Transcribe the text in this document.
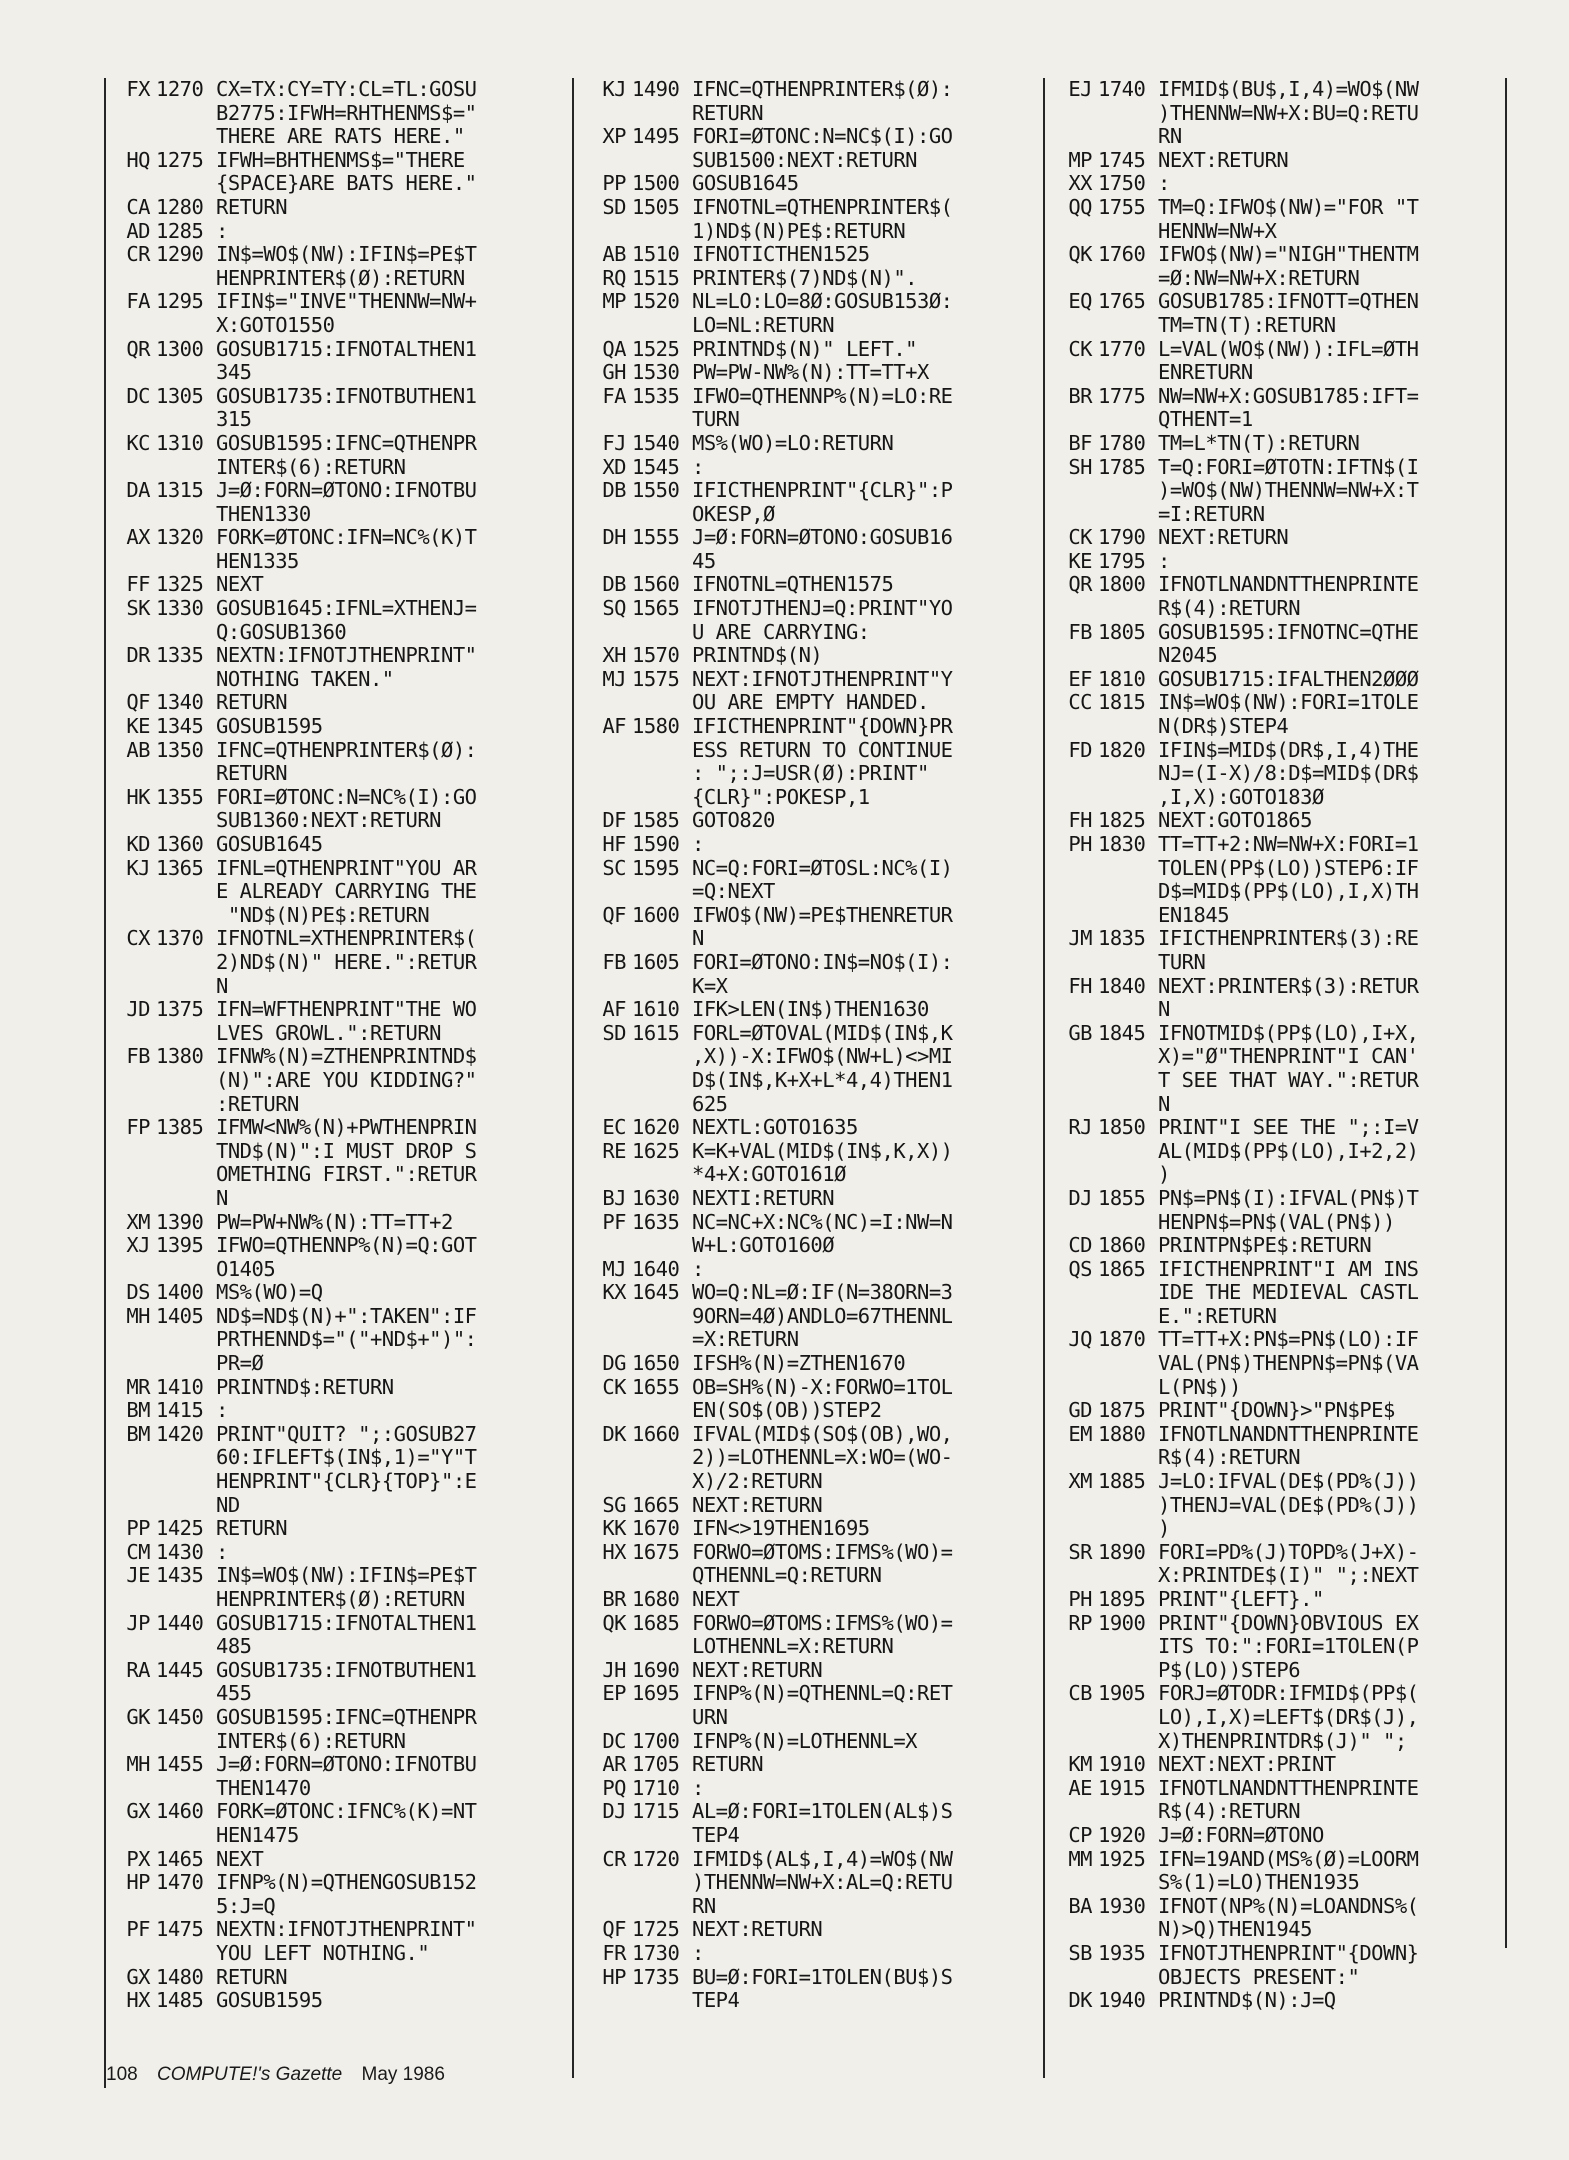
FX 1270 CX=TX:CY=TY:CL=TL:GOSU
B2775:IFWH=RHTHENMS$="
THERE ARE RATS HERE."
HQ 1275 IFWH=BHTHENMS$="THERE
{SPACE}ARE BATS HERE."
CA 1280 RETURN
AD 1285 :
CR 1290 IN$=WO$(NW):IFIN$=PE$T
HENPRINTER$(Ø):RETURN
FA 1295 IFIN$="INVE"THENNW=NW+
X:GOTO1550
QR 1300 GOSUB1715:IFNOTALTHEN1
345
DC 1305 GOSUB1735:IFNOTBUTHEN1
315
KC 1310 GOSUB1595:IFNC=QTHENPR
INTER$(6):RETURN
DA 1315 J=Ø:FORN=ØTONO:IFNOTBU
THEN1330
AX 1320 FORK=ØTONC:IFN=NC%(K)T
HEN1335
FF 1325 NEXT
SK 1330 GOSUB1645:IFNL=XTHENJ=
Q:GOSUB1360
DR 1335 NEXTN:IFNOTJTHENPRINT"
NOTHING TAKEN."
QF 1340 RETURN
KE 1345 GOSUB1595
AB 1350 IFNC=QTHENPRINTER$(Ø):
RETURN
HK 1355 FORI=ØTONC:N=NC%(I):GO
SUB1360:NEXT:RETURN
KD 1360 GOSUB1645
KJ 1365 IFNL=QTHENPRINT"YOU AR
E ALREADY CARRYING THE
"ND$(N)PE$:RETURN
CX 1370 IFNOTNL=XTHENPRINTER$(
2)ND$(N)" HERE.":RETUR
N
JD 1375 IFN=WFTHENPRINT"THE WO
LVES GROWL.":RETURN
FB 1380 IFNW%(N)=ZTHENPRINTND$
(N)":ARE YOU KIDDING?"
:RETURN
FP 1385 IFMW<NW%(N)+PWTHENPRIN
TND$(N)":I MUST DROP S
OMETHING FIRST.":RETUR
N
XM 1390 PW=PW+NW%(N):TT=TT+2
XJ 1395 IFWO=QTHENNP%(N)=Q:GOT
O1405
DS 1400 MS%(WO)=Q
MH 1405 ND$=ND$(N)+":TAKEN":IF
PRTHENND$="("+ND$+")":
PR=Ø
MR 1410 PRINTND$:RETURN
BM 1415 :
BM 1420 PRINT"QUIT? ";:GOSUB27
60:IFLEFT$(IN$,1)="Y"T
HENPRINT"{CLR}{TOP}":E
ND
PP 1425 RETURN
CM 1430 :
JE 1435 IN$=WO$(NW):IFIN$=PE$T
HENPRINTER$(Ø):RETURN
JP 1440 GOSUB1715:IFNOTALTHEN1
485
RA 1445 GOSUB1735:IFNOTBUTHEN1
455
GK 1450 GOSUB1595:IFNC=QTHENPR
INTER$(6):RETURN
MH 1455 J=Ø:FORN=ØTONO:IFNOTBU
THEN1470
GX 1460 FORK=ØTONC:IFNC%(K)=NT
HEN1475
PX 1465 NEXT
HP 1470 IFNP%(N)=QTHENGOSUB152
5:J=Q
PF 1475 NEXTN:IFNOTJTHENPRINT"
YOU LEFT NOTHING."
GX 1480 RETURN
HX 1485 GOSUB1595
KJ 1490 IFNC=QTHENPRINTER$(Ø):
RETURN
XP 1495 FORI=ØTONC:N=NC$(I):GO
SUB1500:NEXT:RETURN
PP 1500 GOSUB1645
SD 1505 IFNOTNL=QTHENPRINTER$(
1)ND$(N)PE$:RETURN
AB 1510 IFNOTICTHEN1525
RQ 1515 PRINTER$(7)ND$(N)".
MP 1520 NL=LO:LO=8Ø:GOSUB153Ø:
LO=NL:RETURN
QA 1525 PRINTND$(N)" LEFT."
GH 1530 PW=PW-NW%(N):TT=TT+X
FA 1535 IFWO=QTHENNP%(N)=LO:RE
TURN
FJ 1540 MS%(WO)=LO:RETURN
XD 1545 :
DB 1550 IFICTHENPRINT"{CLR}":P
OKESP,Ø
DH 1555 J=Ø:FORN=ØTONO:GOSUB16
45
DB 1560 IFNOTNL=QTHEN1575
SQ 1565 IFNOTJTHENJ=Q:PRINT"YO
U ARE CARRYING:
XH 1570 PRINTND$(N)
MJ 1575 NEXT:IFNOTJTHENPRINT"Y
OU ARE EMPTY HANDED.
AF 1580 IFICTHENPRINT"{DOWN}PR
ESS RETURN TO CONTINUE
: ";:J=USR(Ø):PRINT"
{CLR}":POKESP,1
DF 1585 GOTO820
HF 1590 :
SC 1595 NC=Q:FORI=ØTOSL:NC%(I)
=Q:NEXT
QF 1600 IFWO$(NW)=PE$THENRETUR
N
FB 1605 FORI=ØTONO:IN$=NO$(I):
K=X
AF 1610 IFK>LEN(IN$)THEN1630
SD 1615 FORL=ØTOVAL(MID$(IN$,K
,X))-X:IFWO$(NW+L)<>MI
D$(IN$,K+X+L*4,4)THEN1
625
EC 1620 NEXTL:GOTO1635
RE 1625 K=K+VAL(MID$(IN$,K,X))
*4+X:GOTO161Ø
BJ 1630 NEXTI:RETURN
PF 1635 NC=NC+X:NC%(NC)=I:NW=N
W+L:GOTO160Ø
MJ 1640 :
KX 1645 WO=Q:NL=Ø:IF(N=38ORN=3
9ORN=4Ø)ANDLO=67THENNL
=X:RETURN
DG 1650 IFSH%(N)=ZTHEN1670
CK 1655 OB=SH%(N)-X:FORWO=1TOL
EN(SO$(OB))STEP2
DK 1660 IFVAL(MID$(SO$(OB),WO,
2))=LOTHENNL=X:WO=(WO-
X)/2:RETURN
SG 1665 NEXT:RETURN
KK 1670 IFN<>19THEN1695
HX 1675 FORWO=ØTOMS:IFMS%(WO)=
QTHENNL=Q:RETURN
BR 1680 NEXT
QK 1685 FORWO=ØTOMS:IFMS%(WO)=
LOTHENNL=X:RETURN
JH 1690 NEXT:RETURN
EP 1695 IFNP%(N)=QTHENNL=Q:RET
URN
DC 1700 IFNP%(N)=LOTHENNL=X
AR 1705 RETURN
PQ 1710 :
DJ 1715 AL=Ø:FORI=1TOLEN(AL$)S
TEP4
CR 1720 IFMID$(AL$,I,4)=WO$(NW
)THENNW=NW+X:AL=Q:RETU
RN
QF 1725 NEXT:RETURN
FR 1730 :
HP 1735 BU=Ø:FORI=1TOLEN(BU$)S
TEP4
EJ 1740 IFMID$(BU$,I,4)=WO$(NW
)THENNW=NW+X:BU=Q:RETU
RN
MP 1745 NEXT:RETURN
XX 1750 :
QQ 1755 TM=Q:IFWO$(NW)="FOR "T
HENNW=NW+X
QK 1760 IFWO$(NW)="NIGH"THENTM
=Ø:NW=NW+X:RETURN
EQ 1765 GOSUB1785:IFNOTT=QTHEN
TM=TN(T):RETURN
CK 1770 L=VAL(WO$(NW)):IFL=ØTH
ENRETURN
BR 1775 NW=NW+X:GOSUB1785:IFT=
QTHENT=1
BF 1780 TM=L*TN(T):RETURN
SH 1785 T=Q:FORI=ØTOTN:IFTN$(I
)=WO$(NW)THENNW=NW+X:T
=I:RETURN
CK 1790 NEXT:RETURN
KE 1795 :
QR 1800 IFNOTLNANDNTTHENPRINTE
R$(4):RETURN
FB 1805 GOSUB1595:IFNOTNC=QTHE
N2045
EF 1810 GOSUB1715:IFALTHEN2ØØØ
CC 1815 IN$=WO$(NW):FORI=1TOLE
N(DR$)STEP4
FD 1820 IFIN$=MID$(DR$,I,4)THE
NJ=(I-X)/8:D$=MID$(DR$
,I,X):GOTO183Ø
FH 1825 NEXT:GOTO1865
PH 1830 TT=TT+2:NW=NW+X:FORI=1
TOLEN(PP$(LO))STEP6:IF
D$=MID$(PP$(LO),I,X)TH
EN1845
JM 1835 IFICTHENPRINTER$(3):RE
TURN
FH 1840 NEXT:PRINTER$(3):RETUR
N
GB 1845 IFNOTMID$(PP$(LO),I+X,
X)="Ø"THENPRINT"I CAN'
T SEE THAT WAY.":RETUR
N
RJ 1850 PRINT"I SEE THE ";:I=V
AL(MID$(PP$(LO),I+2,2)
)
DJ 1855 PN$=PN$(I):IFVAL(PN$)T
HENPN$=PN$(VAL(PN$))
CD 1860 PRINTPN$PE$:RETURN
QS 1865 IFICTHENPRINT"I AM INS
IDE THE MEDIEVAL CASTL
E.":RETURN
JQ 1870 TT=TT+X:PN$=PN$(LO):IF
VAL(PN$)THENPN$=PN$(VA
L(PN$))
GD 1875 PRINT"{DOWN}>"PN$PE$
EM 1880 IFNOTLNANDNTTHENPRINTE
R$(4):RETURN
XM 1885 J=LO:IFVAL(DE$(PD%(J))
)THENJ=VAL(DE$(PD%(J))
)
SR 1890 FORI=PD%(J)TOPD%(J+X)-
X:PRINTDE$(I)" ";:NEXT
PH 1895 PRINT"{LEFT}."
RP 1900 PRINT"{DOWN}OBVIOUS EX
ITS TO:":FORI=1TOLEN(P
P$(LO))STEP6
CB 1905 FORJ=ØTODR:IFMID$(PP$(
LO),I,X)=LEFT$(DR$(J),
X)THENPRINTDR$(J)" ";
KM 1910 NEXT:NEXT:PRINT
AE 1915 IFNOTLNANDNTTHENPRINTE
R$(4):RETURN
CP 1920 J=Ø:FORN=ØTONO
MM 1925 IFN=19AND(MS%(Ø)=LOORM
S%(1)=LO)THEN1935
BA 1930 IFNOT(NP%(N)=LOANDNS%(
N)>Q)THEN1945
SB 1935 IFNOTJTHENPRINT"{DOWN}
OBJECTS PRESENT:"
DK 1940 PRINTND$(N):J=Q
108 COMPUTE!'s Gazette May 1986
